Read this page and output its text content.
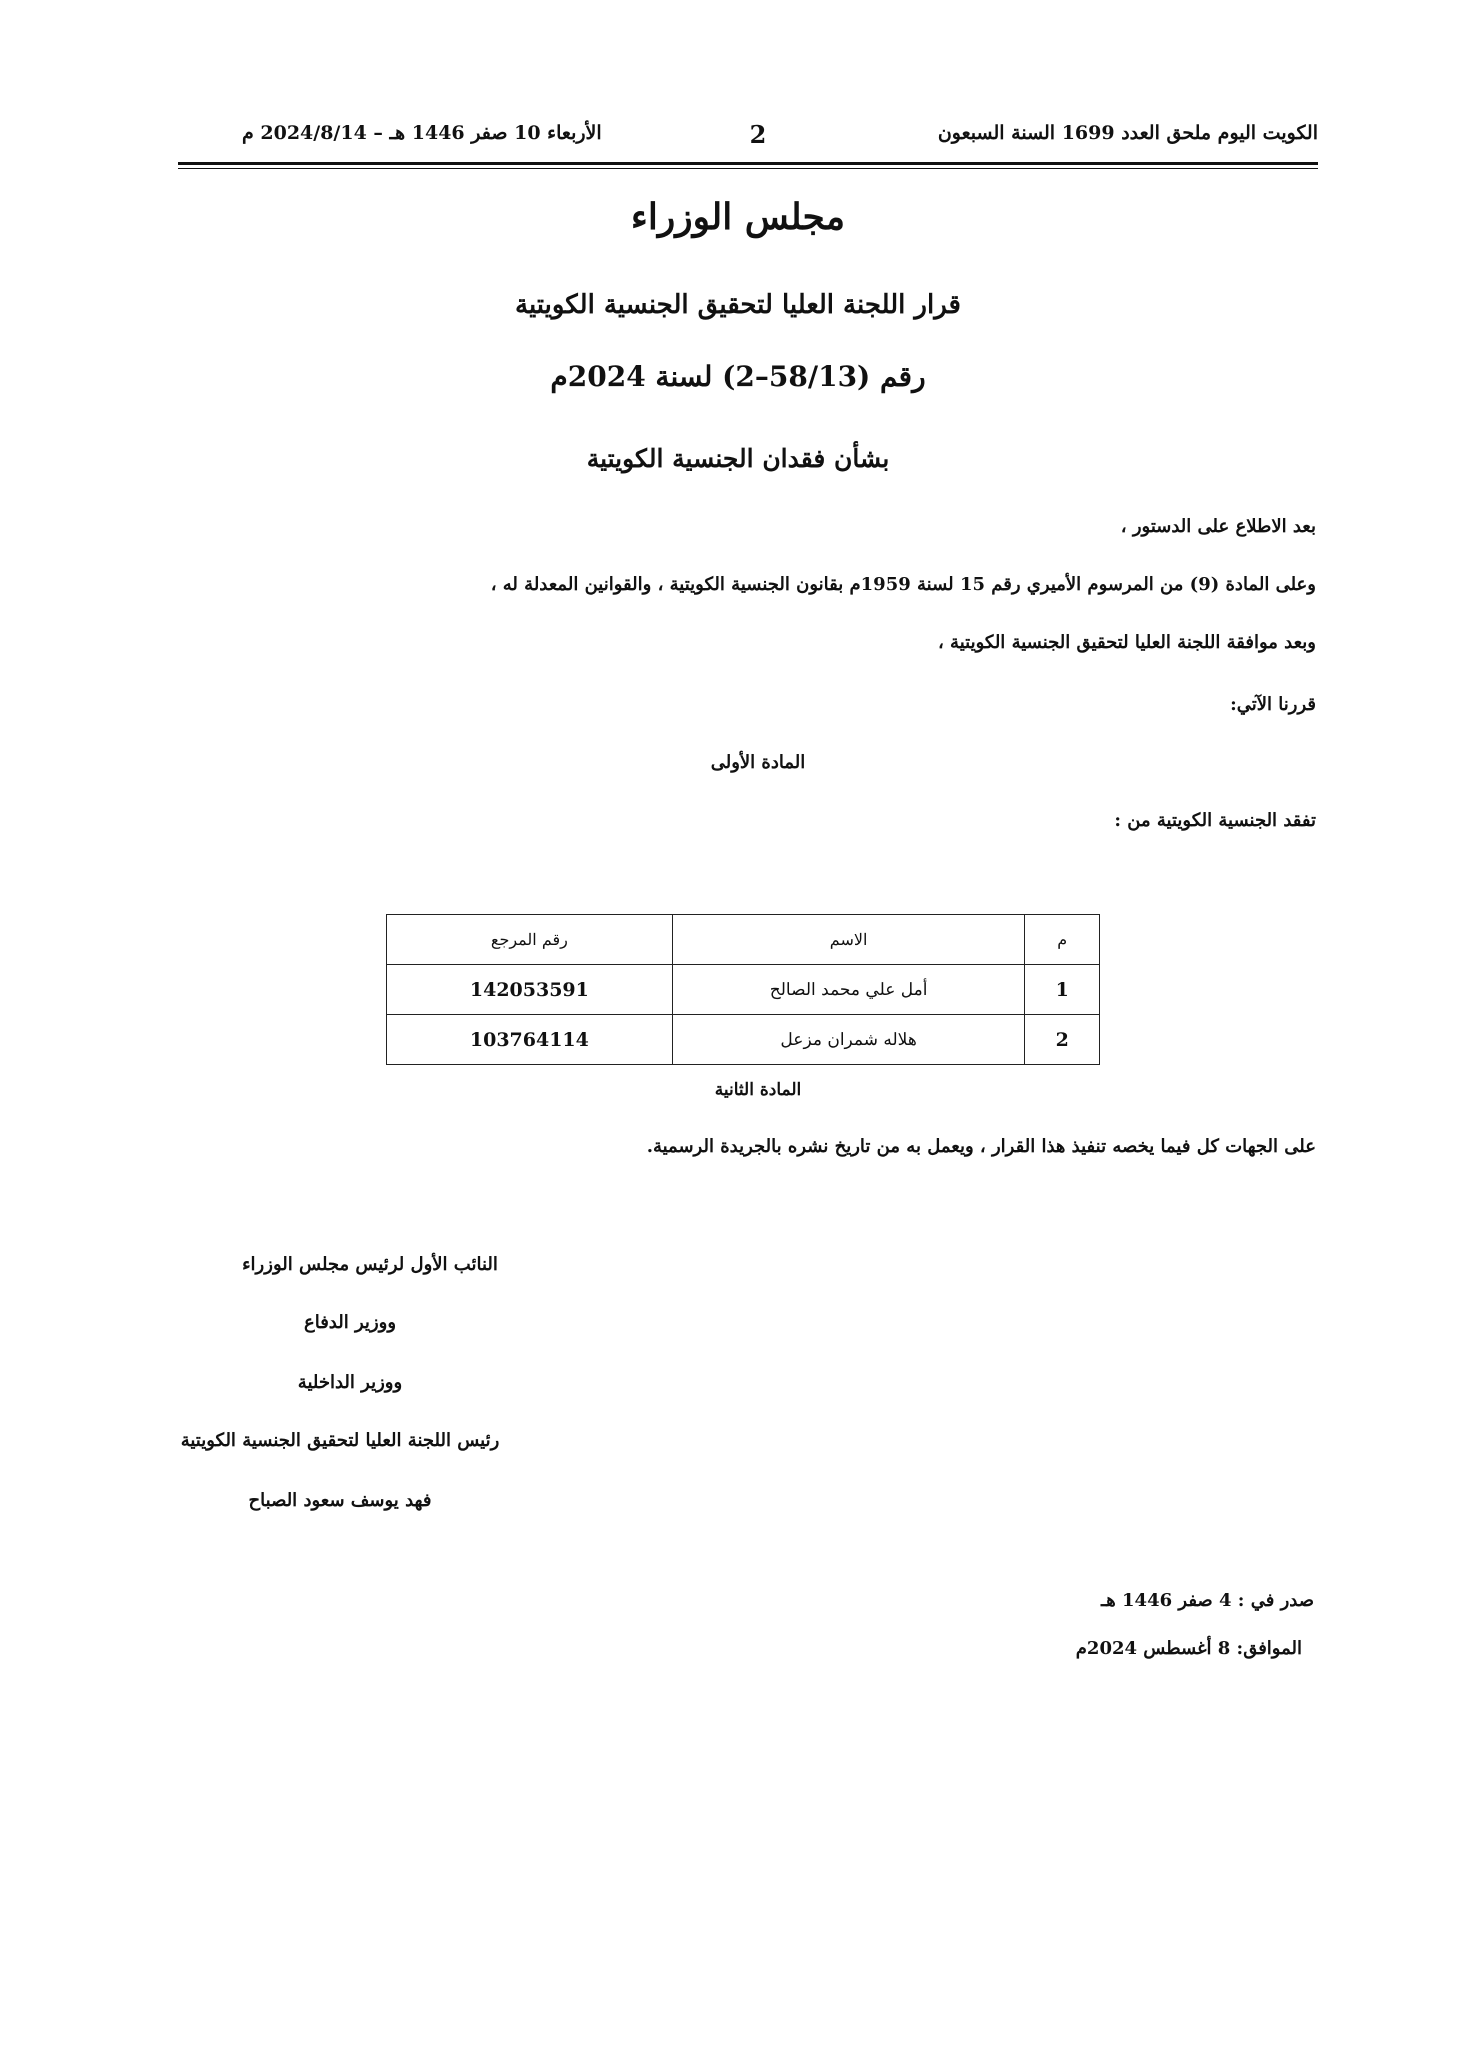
الكويت اليوم ملحق العدد 1699 السنة السبعون
2
الأربعاء 10 صفر 1446 هـ – 2024/8/14 م
مجلس الوزراء
قرار اللجنة العليا لتحقيق الجنسية الكويتية
رقم (58/13–2) لسنة 2024م
بشأن فقدان الجنسية الكويتية
بعد الاطلاع على الدستور ،
وعلى المادة (9) من المرسوم الأميري رقم 15 لسنة 1959م بقانون الجنسية الكويتية ، والقوانين المعدلة له ،
وبعد موافقة اللجنة العليا لتحقيق الجنسية الكويتية ،
قررنا الآتي:
المادة الأولى
تفقد الجنسية الكويتية من :
م	الاسم	رقم المرجع
1	أمل علي محمد الصالح	142053591
2	هلاله شمران مزعل	103764114
المادة الثانية
على الجهات كل فيما يخصه تنفيذ هذا القرار ، ويعمل به من تاريخ نشره بالجريدة الرسمية.
النائب الأول لرئيس مجلس الوزراء
ووزير الدفاع
ووزير الداخلية
رئيس اللجنة العليا لتحقيق الجنسية الكويتية
فهد يوسف سعود الصباح
صدر في : 4 صفر 1446 هـ
الموافق: 8 أغسطس 2024م
